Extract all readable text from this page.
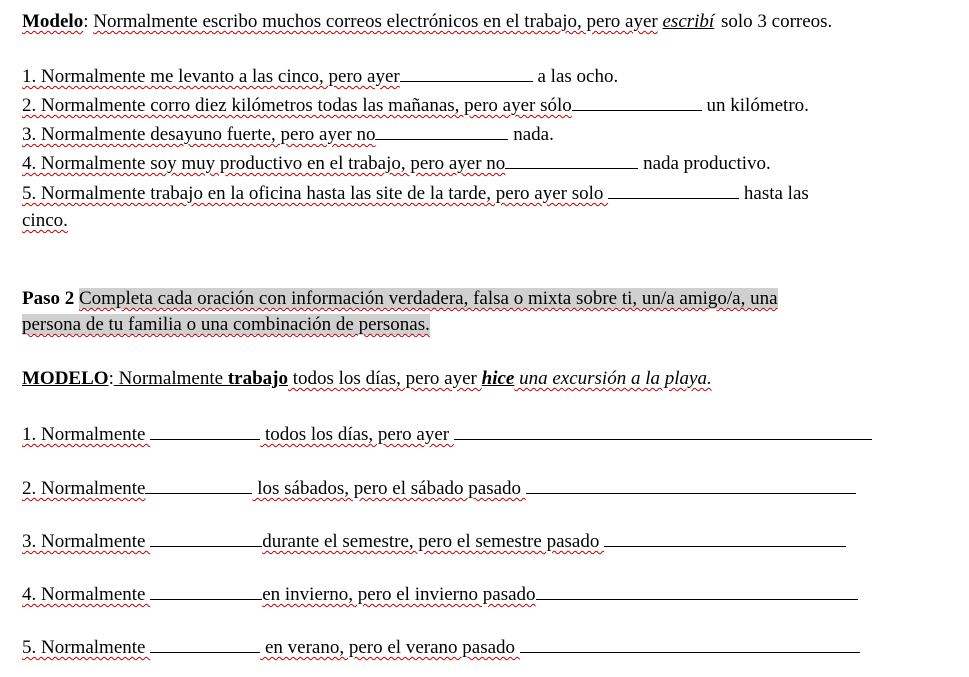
Modelo: Normalmente escribo muchos correos electrónicos en el trabajo, pero ayer escribí solo 3 correos.
1. Normalmente me levanto a las cinco, pero ayer	a las ocho.
2. Normalmente corro diez kilómetros todas las mañanas, pero ayer sólo	un kilómetro.
3. Normalmente desayuno fuerte, pero ayer no	nada.
4. Normalmente soy muy productivo en el trabajo, pero ayer no	nada productivo.
5. Normalmente trabajo en la oficina hasta las site de la tarde, pero ayer solo	hasta las
cinco.
Paso 2 Completa cada oración con información verdadera, falsa o mixta sobre ti, un/a amigo/a, una
persona de tu familia o una combinación de personas.
MODELO: Normalmente trabajo todos los días, pero ayer hice una excursión a la playa.
1. Normalmente	todos los días, pero ayer
2. Normalmente	los sábados, pero el sábado pasado
3. Normalmente	durante el semestre, pero el semestre pasado
4. Normalmente	en invierno, pero el invierno pasado
5. Normalmente	en verano, pero el verano pasado
